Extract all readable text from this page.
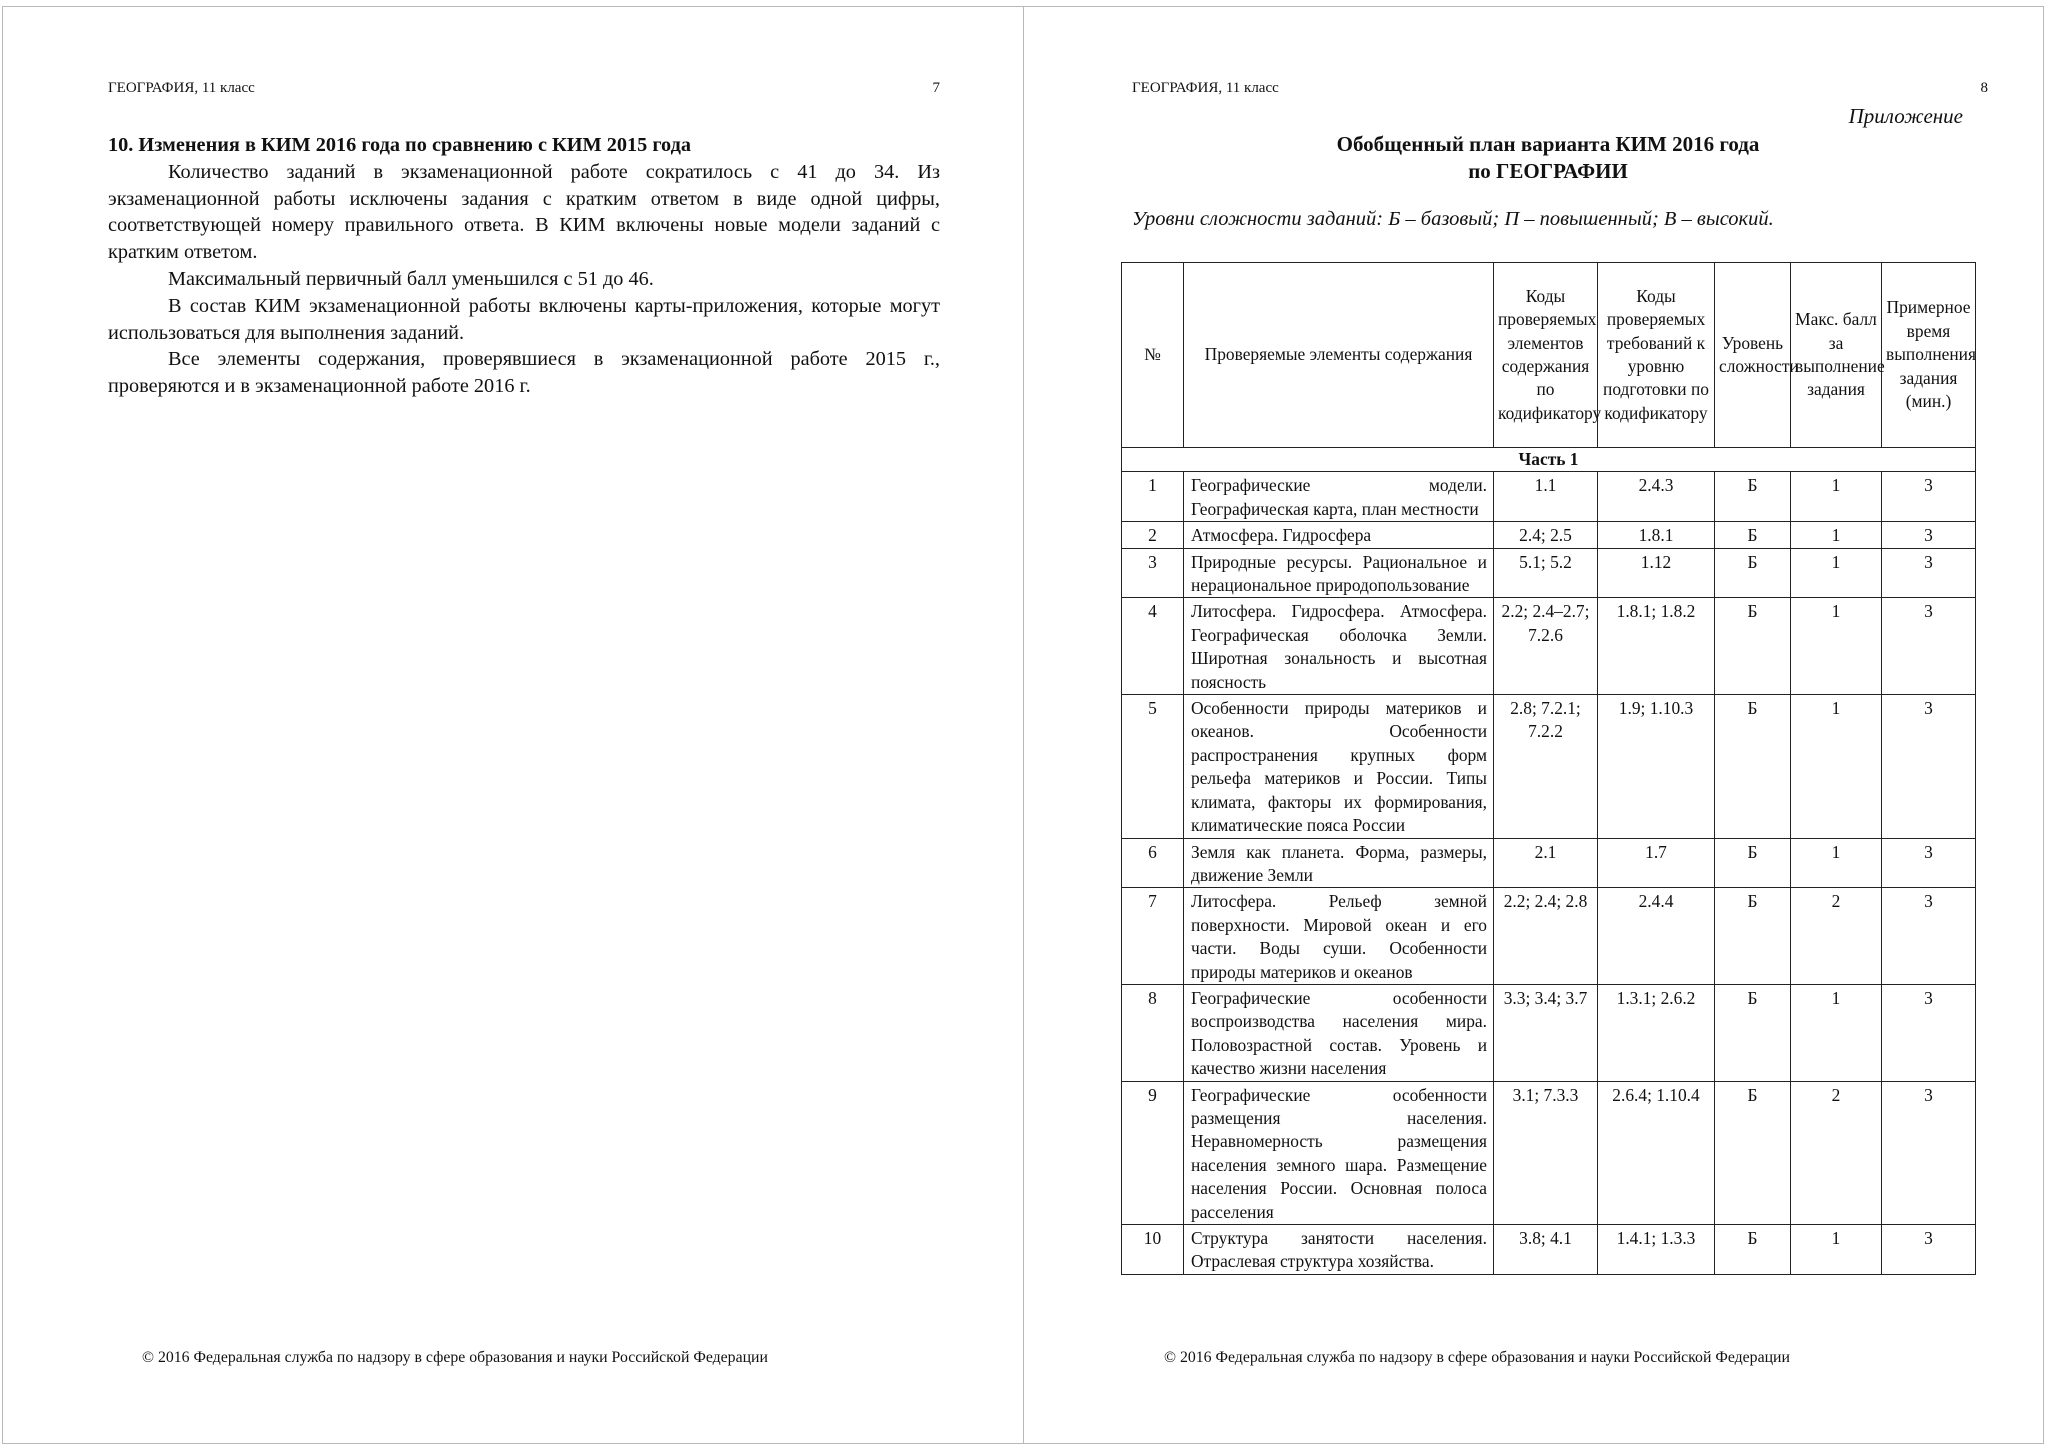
ГЕОГРАФИЯ, 11 класс	7

10. Изменения в КИМ 2016 года по сравнению с КИМ 2015 года

Количество заданий в экзаменационной работе сократилось с 41 до 34. Из экзаменационной работы исключены задания с кратким ответом в виде одной цифры, соответствующей номеру правильного ответа. В КИМ включены новые модели заданий с кратким ответом.

Максимальный первичный балл уменьшился с 51 до 46.

В состав КИМ экзаменационной работы включены карты-приложения, которые могут использоваться для выполнения заданий.

Все элементы содержания, проверявшиеся в экзаменационной работе 2015 г., проверяются и в экзаменационной работе 2016 г.

© 2016 Федеральная служба по надзору в сфере образования и науки Российской Федерации
ГЕОГРАФИЯ, 11 класс	8
Приложение
Обобщенный план варианта КИМ 2016 года
по ГЕОГРАФИИ
Уровни сложности заданий: Б – базовый; П – повышенный; В – высокий.
№	Проверяемые элементы содержания	Коды проверяемых элементов содержания по кодификатору	Коды проверяемых требований к уровню подготовки по кодификатору	Уровень сложности	Макс. балл за выполнение задания	Примерное время выполнения задания (мин.)
Часть 1						
1	Географические модели. Географическая карта, план местности	1.1	2.4.3	Б	1	3
2	Атмосфера. Гидросфера	2.4; 2.5	1.8.1	Б	1	3
3	Природные ресурсы. Рациональное и нерациональное природопользование	5.1; 5.2	1.12	Б	1	3
4	Литосфера. Гидросфера. Атмосфера. Географическая оболочка Земли. Широтная зональность и высотная поясность	2.2; 2.4–2.7; 7.2.6	1.8.1; 1.8.2	Б	1	3
5	Особенности природы материков и океанов. Особенности распространения крупных форм рельефа материков и России. Типы климата, факторы их формирования, климатические пояса России	2.8; 7.2.1; 7.2.2	1.9; 1.10.3	Б	1	3
6	Земля как планета. Форма, размеры, движение Земли	2.1	1.7	Б	1	3
7	Литосфера. Рельеф земной поверхности. Мировой океан и его части. Воды суши. Особенности природы материков и океанов	2.2; 2.4; 2.8	2.4.4	Б	2	3
8	Географические особенности воспроизводства населения мира. Половозрастной состав. Уровень и качество жизни населения	3.3; 3.4; 3.7	1.3.1; 2.6.2	Б	1	3
9	Географические особенности размещения населения. Неравномерность размещения населения земного шара. Размещение населения России. Основная полоса расселения	3.1; 7.3.3	2.6.4; 1.10.4	Б	2	3
10	Структура занятости населения. Отраслевая структура хозяйства.	3.8; 4.1	1.4.1; 1.3.3	Б	1	3
© 2016 Федеральная служба по надзору в сфере образования и науки Российской Федерации
